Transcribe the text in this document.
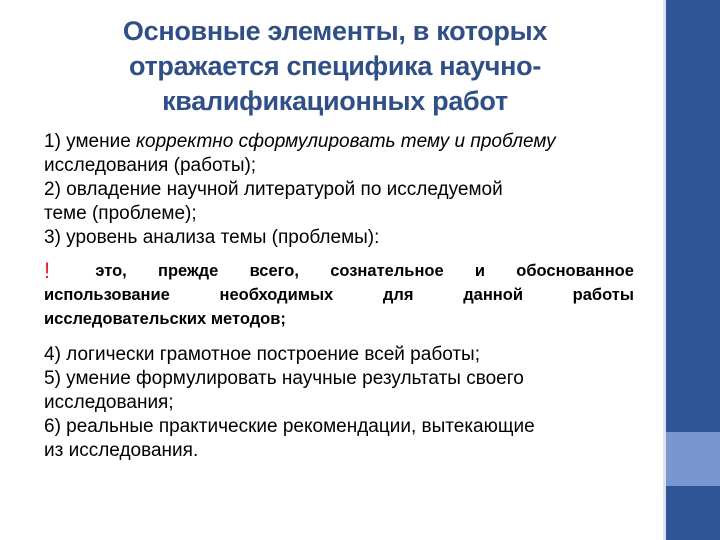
Основные элементы, в которых
отражается специфика научно-
квалификационных работ

1) умение корректно сформулировать тему и проблему

исследования (работы);

2) овладение научной литературой по исследуемой

теме (проблеме);

3) уровень анализа темы (проблемы):

!	это, прежде всего, сознательное и обоснованное
использование	необходимых	для	данной	работы
исследовательских методов;

4) логически грамотное построение всей работы;

5) умение формулировать научные результаты своего

исследования;

6) реальные практические рекомендации, вытекающие

из исследования.
